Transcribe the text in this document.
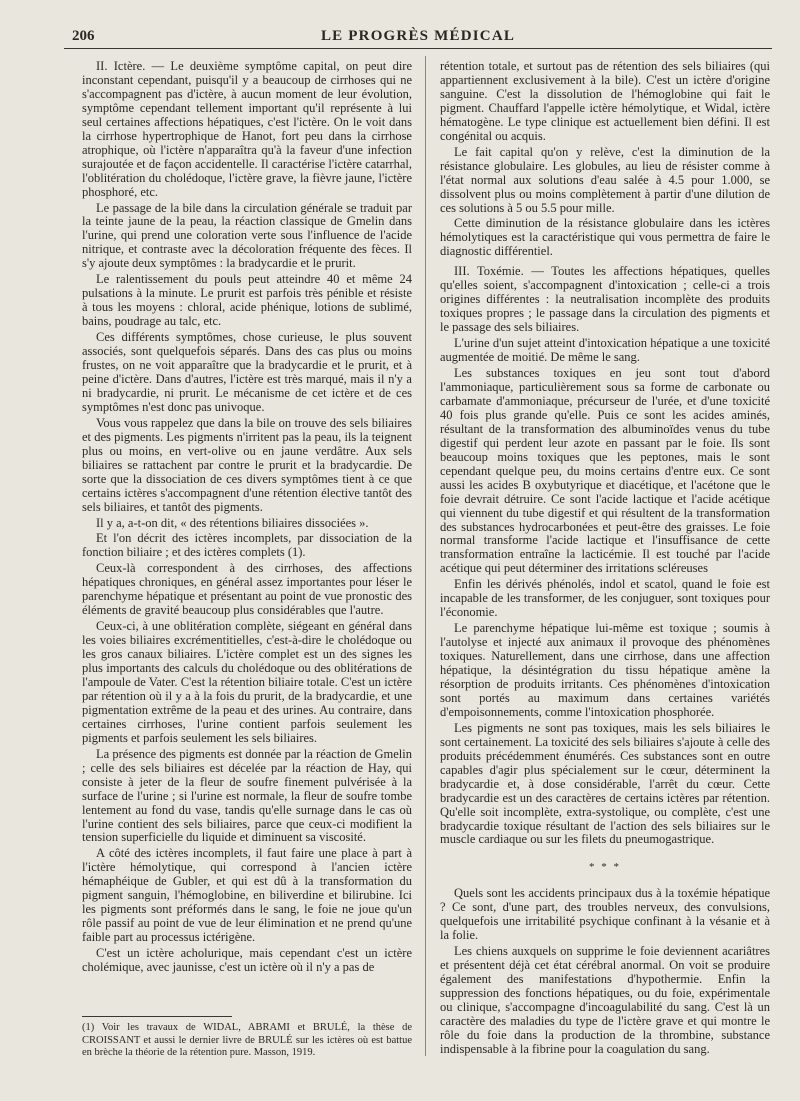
206	LE PROGRÈS MÉDICAL

II. Ictère. — Le deuxième symptôme capital, on peut dire inconstant cependant, puisqu'il y a beaucoup de cirrhoses qui ne s'accompagnent pas d'ictère, à aucun moment de leur évolution, symptôme cependant tellement important qu'il représente à lui seul certaines affections hépatiques, c'est l'ictère. On le voit dans la cirrhose hypertrophique de Hanot, fort peu dans la cirrhose atrophique, où l'ictère n'apparaîtra qu'à la faveur d'une infection surajoutée et de façon accidentelle. Il caractérise l'ictère catarrhal, l'oblitération du cholédoque, l'ictère grave, la fièvre jaune, l'ictère phosphoré, etc.

Le passage de la bile dans la circulation générale se traduit par la teinte jaune de la peau, la réaction classique de Gmelin dans l'urine, qui prend une coloration verte sous l'influence de l'acide nitrique, et contraste avec la décoloration fréquente des fèces. Il s'y ajoute deux symptômes : la bradycardie et le prurit.

Le ralentissement du pouls peut atteindre 40 et même 24 pulsations à la minute. Le prurit est parfois très pénible et résiste à tous les moyens : chloral, acide phénique, lotions de sublimé, bains, poudrage au talc, etc.

Ces différents symptômes, chose curieuse, le plus souvent associés, sont quelquefois séparés. Dans des cas plus ou moins frustes, on ne voit apparaître que la bradycardie et le prurit, et à peine d'ictère. Dans d'autres, l'ictère est très marqué, mais il n'y a ni bradycardie, ni prurit. Le mécanisme de cet ictère et de ces symptômes n'est donc pas univoque.

Vous vous rappelez que dans la bile on trouve des sels biliaires et des pigments. Les pigments n'irritent pas la peau, ils la teignent plus ou moins, en vert-olive ou en jaune verdâtre. Aux sels biliaires se rattachent par contre le prurit et la bradycardie. De sorte que la dissociation de ces divers symptômes tient à ce que certains ictères s'accompagnent d'une rétention élective tantôt des sels biliaires, et tantôt des pigments.

Il y a, a-t-on dit, « des rétentions biliaires dissociées ».

Et l'on décrit des ictères incomplets, par dissociation de la fonction biliaire ; et des ictères complets (1).

Ceux-là correspondent à des cirrhoses, des affections hépatiques chroniques, en général assez importantes pour léser le parenchyme hépatique et présentant au point de vue pronostic des éléments de gravité beaucoup plus considérables que l'autre.

Ceux-ci, à une oblitération complète, siégeant en général dans les voies biliaires excrémentitielles, c'est-à-dire le cholédoque ou les gros canaux biliaires. L'ictère complet est un des signes les plus importants des calculs du cholédoque ou des oblitérations de l'ampoule de Vater. C'est la rétention biliaire totale. C'est un ictère par rétention où il y a à la fois du prurit, de la bradycardie, et une pigmentation extrême de la peau et des urines. Au contraire, dans certaines cirrhoses, l'urine contient parfois seulement les pigments et parfois seulement les sels biliaires.

La présence des pigments est donnée par la réaction de Gmelin ; celle des sels biliaires est décelée par la réaction de Hay, qui consiste à jeter de la fleur de soufre finement pulvérisée à la surface de l'urine ; si l'urine est normale, la fleur de soufre tombe lentement au fond du vase, tandis qu'elle surnage dans le cas où l'urine contient des sels biliaires, parce que ceux-ci modifient la tension superficielle du liquide et diminuent sa viscosité.

A côté des ictères incomplets, il faut faire une place à part à l'ictère hémolytique, qui correspond à l'ancien ictère hémaphéique de Gubler, et qui est dû à la transformation du pigment sanguin, l'hémoglobine, en biliverdine et bilirubine. Ici les pigments sont préformés dans le sang, le foie ne joue qu'un rôle passif au point de vue de leur élimination et ne prend qu'une faible part au processus ictérigène.

C'est un ictère acholurique, mais cependant c'est un ictère cholémique, avec jaunisse, c'est un ictère où il n'y a pas de

rétention totale, et surtout pas de rétention des sels biliaires (qui appartiennent exclusivement à la bile). C'est un ictère d'origine sanguine. C'est la dissolution de l'hémoglobine qui fait le pigment. Chauffard l'appelle ictère hémolytique, et Widal, ictère hématogène. Le type clinique est actuellement bien défini. Il est congénital ou acquis.

Le fait capital qu'on y relève, c'est la diminution de la résistance globulaire. Les globules, au lieu de résister comme à l'état normal aux solutions d'eau salée à 4.5 pour 1.000, se dissolvent plus ou moins complètement à partir d'une dilution de ces solutions à 5 ou 5.5 pour mille.

Cette diminution de la résistance globulaire dans les ictères hémolytiques est la caractéristique qui vous permettra de faire le diagnostic différentiel.

III. Toxémie. — Toutes les affections hépatiques, quelles qu'elles soient, s'accompagnent d'intoxication ; celle-ci a trois origines différentes : la neutralisation incomplète des produits toxiques propres ; le passage dans la circulation des pigments et le passage des sels biliaires.

L'urine d'un sujet atteint d'intoxication hépatique a une toxicité augmentée de moitié. De même le sang.

Les substances toxiques en jeu sont tout d'abord l'ammoniaque, particulièrement sous sa forme de carbonate ou carbamate d'ammoniaque, précurseur de l'urée, et d'une toxicité 40 fois plus grande qu'elle. Puis ce sont les acides aminés, résultant de la transformation des albuminoïdes venus du tube digestif qui perdent leur azote en passant par le foie. Ils sont beaucoup moins toxiques que les peptones, mais le sont cependant quelque peu, du moins certains d'entre eux. Ce sont aussi les acides B oxybutyrique et diacétique, et l'acétone que le foie devrait détruire. Ce sont l'acide lactique et l'acide acétique qui viennent du tube digestif et qui résultent de la transformation des substances hydrocarbonées et peut-être des graisses. Le foie normal transforme l'acide lactique et l'insuffisance de cette transformation entraîne la lacticémie. Il est touché par l'acide acétique qui peut déterminer des irritations scléreuses

Enfin les dérivés phénolés, indol et scatol, quand le foie est incapable de les transformer, de les conjuguer, sont toxiques pour l'économie.

Le parenchyme hépatique lui-même est toxique ; soumis à l'autolyse et injecté aux animaux il provoque des phénomènes toxiques. Naturellement, dans une cirrhose, dans une affection hépatique, la désintégration du tissu hépatique amène la résorption de produits irritants. Ces phénomènes d'intoxication sont portés au maximum dans certaines variétés d'empoisonnements, comme l'intoxication phosphorée.

Les pigments ne sont pas toxiques, mais les sels biliaires le sont certainement. La toxicité des sels biliaires s'ajoute à celle des produits précédemment énumérés. Ces substances sont en outre capables d'agir plus spécialement sur le cœur, déterminent la bradycardie et, à dose considérable, l'arrêt du cœur. Cette bradycardie est un des caractères de certains ictères par rétention. Qu'elle soit incomplète, extra-systolique, ou complète, c'est une bradycardie toxique résultant de l'action des sels biliaires sur le muscle cardiaque ou sur les filets du pneumogastrique.

* * *

Quels sont les accidents principaux dus à la toxémie hépatique ? Ce sont, d'une part, des troubles nerveux, des convulsions, quelquefois une irritabilité psychique confinant à la vésanie et à la folie.

Les chiens auxquels on supprime le foie deviennent acariâtres et présentent déjà cet état cérébral anormal. On voit se produire également des manifestations d'hypothermie. Enfin la suppression des fonctions hépatiques, ou du foie, expérimentale ou clinique, s'accompagne d'incoagulabilité du sang. C'est là un caractère des maladies du type de l'ictère grave et qui montre le rôle du foie dans la production de la thrombine, substance indispensable à la fibrine pour la coagulation du sang.

(1) Voir les travaux de WIDAL, ABRAMI et BRULÉ, la thèse de CROISSANT et aussi le dernier livre de BRULÉ sur les ictères où est battue en brèche la théorie de la rétention pure. Masson, 1919.
